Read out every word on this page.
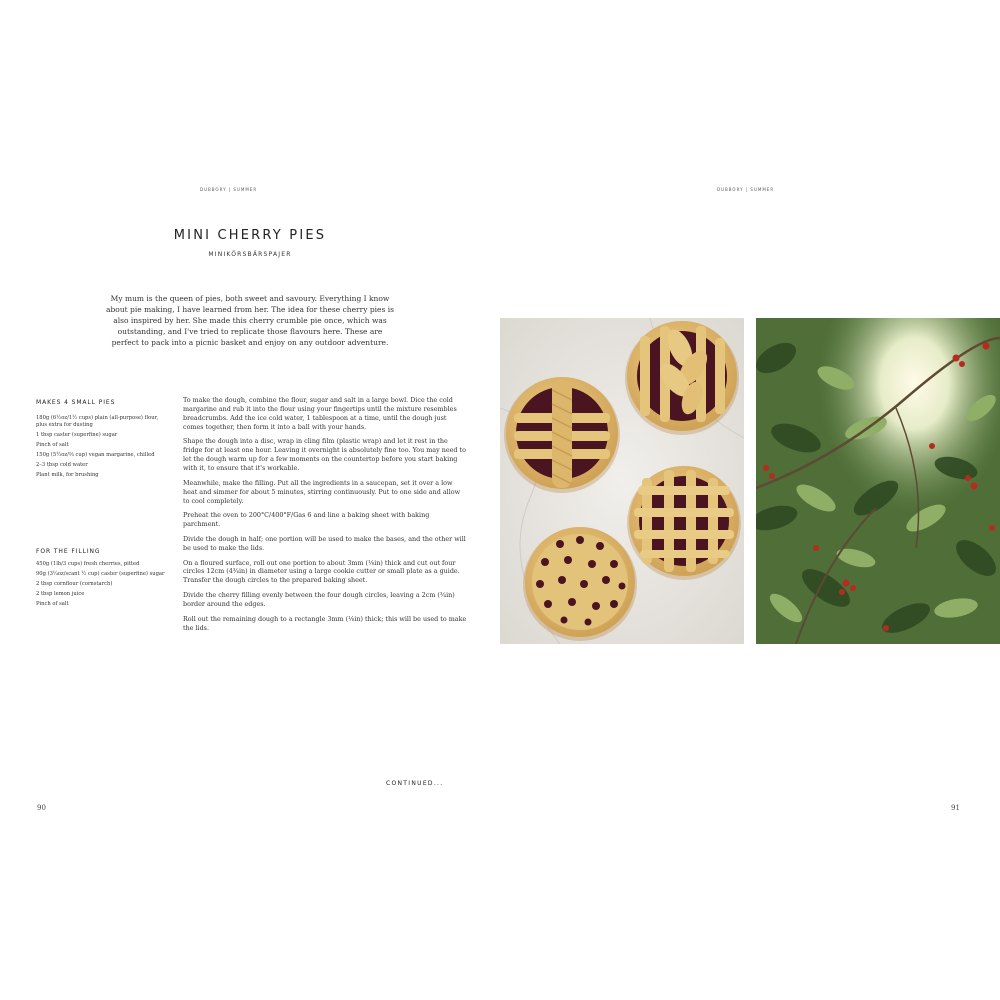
DUBBORY | SUMMER
MINI CHERRY PIES
MINIKÖRSBÄRSPAJER
My mum is the queen of pies, both sweet and savoury. Everything I know about pie making, I have learned from her. The idea for these cherry pies is also inspired by her. She made this cherry crumble pie once, which was outstanding, and I've tried to replicate those flavours here. These are perfect to pack into a picnic basket and enjoy on any outdoor adventure.
MAKES 4 SMALL PIES
180g (6½oz/1½ cups) plain (all-purpose) flour, plus extra for dusting
1 tbsp caster (superfine) sugar
Pinch of salt
150g (5½oz/⅔ cup) vegan margarine, chilled
2–3 tbsp cold water
Plant milk, for brushing
FOR THE FILLING
450g (1lb/3 cups) fresh cherries, pitted
90g (3¼oz/scant ½ cup) caster (superfine) sugar
2 tbsp cornflour (cornstarch)
2 tbsp lemon juice
Pinch of salt

To make the dough, combine the flour, sugar and salt in a large bowl. Dice the cold margarine and rub it into the flour using your fingertips until the mixture resembles breadcrumbs. Add the ice cold water, 1 tablespoon at a time, until the dough just comes together, then form it into a ball with your hands.

Shape the dough into a disc, wrap in cling film (plastic wrap) and let it rest in the fridge for at least one hour. Leaving it overnight is absolutely fine too. You may need to let the dough warm up for a few moments on the countertop before you start baking with it, to ensure that it's workable.

Meanwhile, make the filling. Put all the ingredients in a saucepan, set it over a low heat and simmer for about 5 minutes, stirring continuously. Put to one side and allow to cool completely.

Preheat the oven to 200°C/400°F/Gas 6 and line a baking sheet with baking parchment.

Divide the dough in half; one portion will be used to make the bases, and the other will be used to make the lids.

On a floured surface, roll out one portion to about 3mm (⅛in) thick and cut out four circles 12cm (4¾in) in diameter using a large cookie cutter or small plate as a guide. Transfer the dough circles to the prepared baking sheet.

Divide the cherry filling evenly between the four dough circles, leaving a 2cm (¾in) border around the edges.

Roll out the remaining dough to a rectangle 3mm (⅛in) thick; this will be used to make the lids.

CONTINUED...
90
DUBBORY | SUMMER
91
